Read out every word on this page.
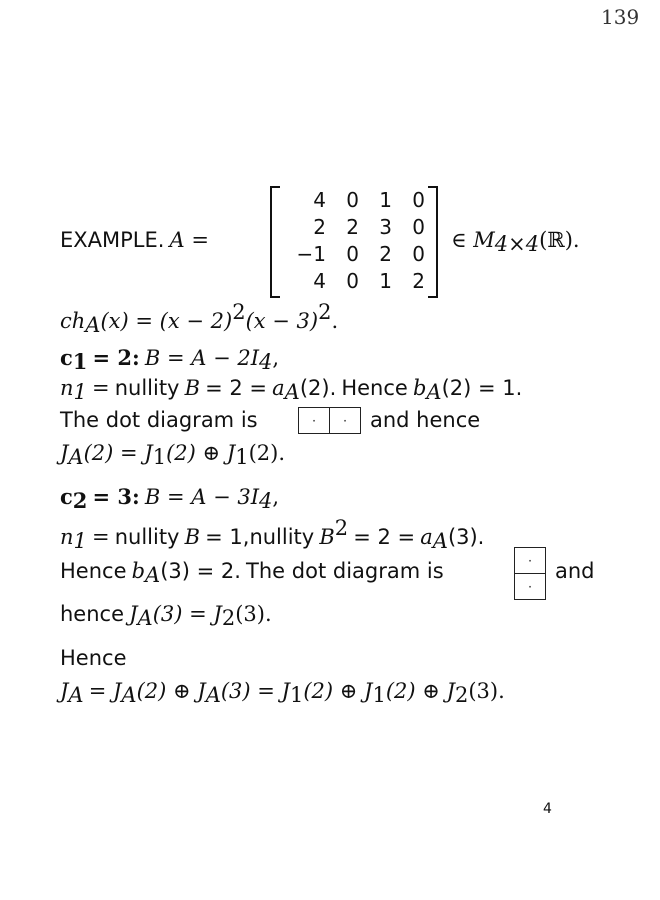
139
EXAMPLE. A =
4	0	1	0
2	2	3	0
−1	0	2	0
4	0	1	2
∈ $M_{4\times 4}(ℝ)$.
$ch_A(x) = (x - 2)^2(x - 3)^2$.
$c_1 = 2$: $B = A - 2I_4$,
$n_1$ = nullity $B = 2 = a_A(2)$. Hence $b_A(2) = 1$.
The dot diagram is	·	·	and hence
$J_A(2) = J_1(2)$ ⊕ $J_1(2)$.
$c_2 = 3$: $B = A - 3I_4$,
$n_1$ = nullity B = 1,nullity $B^2 = 2 = a_A(3)$.
Hence $b_A(3) = 2$. The dot diagram is	·
·
and
hence $J_A(3) = J_2(3)$.
Hence
$J_A = J_A(2)$ ⊕ $J_A(3) = J_1(2)$ ⊕ $J_1(2)$ ⊕ $J_2(3)$.
4
